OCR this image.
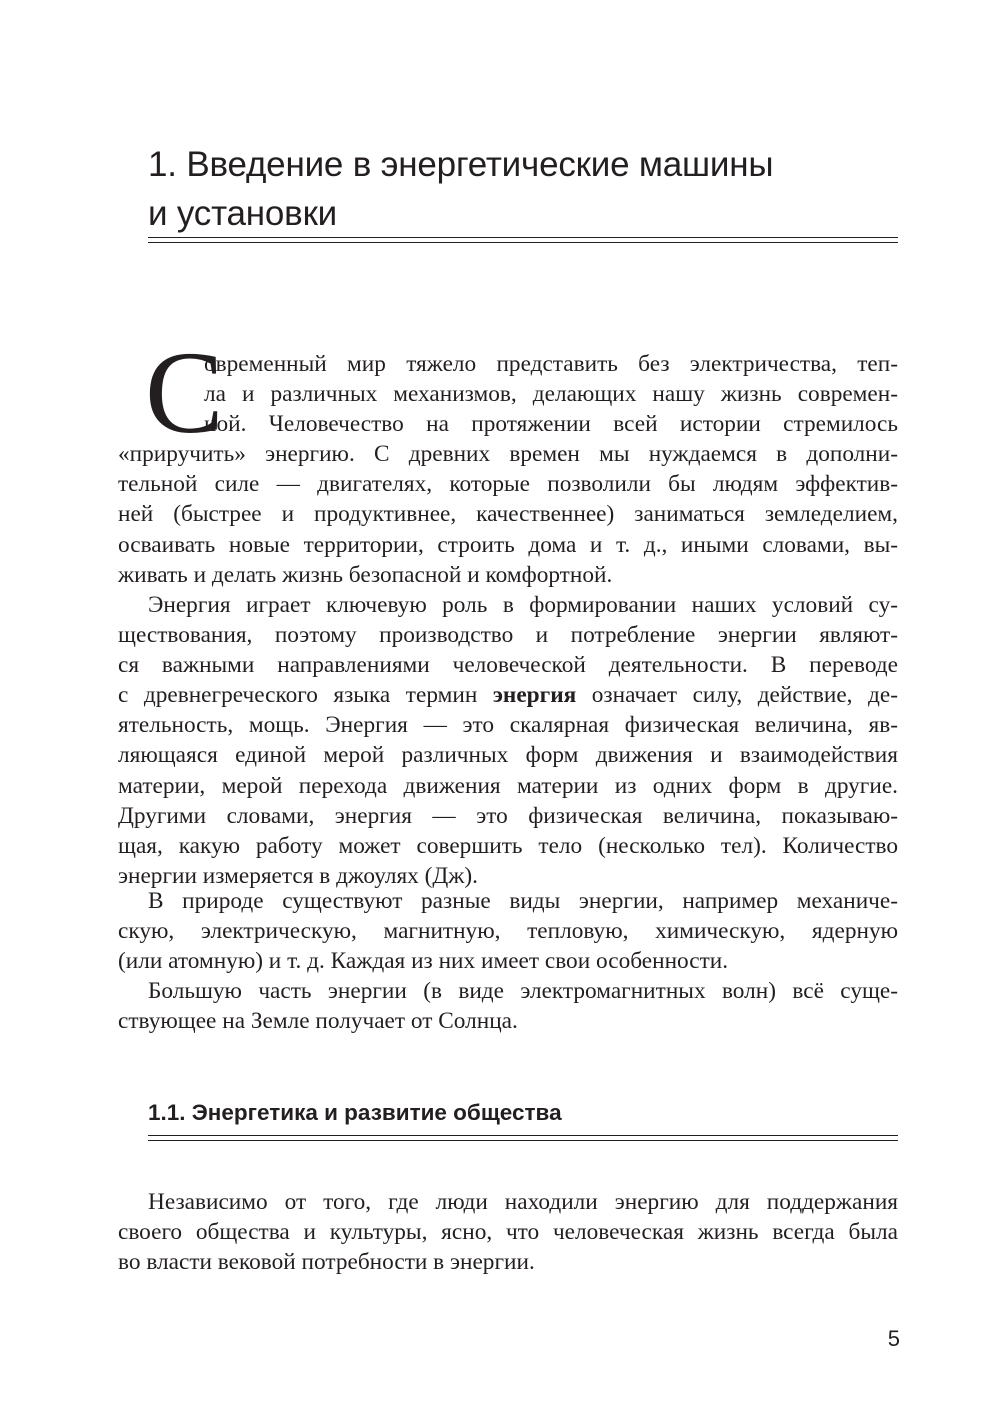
1. Введение в энергетические машины
и установки
С

овременный мир тяжело представить без электричества, теп-
ла и различных механизмов, делающих нашу жизнь современ-
ной. Человечество на протяжении всей истории стремилось
«приручить» энергию. С древних времен мы нуждаемся в дополни-
тельной силе — двигателях, которые позволили бы людям эффектив-
ней (быстрее и продуктивнее, качественнее) заниматься земледелием,
осваивать новые территории, строить дома и т. д., иными словами, вы-
живать и делать жизнь безопасной и комфортной.

Энергия играет ключевую роль в формировании наших условий су-
ществования, поэтому производство и потребление энергии являют-
ся важными направлениями человеческой деятельности. В переводе
с древнегреческого языка термин энергия означает силу, действие, де-
ятельность, мощь. Энергия — это скалярная физическая величина, яв-
ляющаяся единой мерой различных форм движения и взаимодействия
материи, мерой перехода движения материи из одних форм в другие.
Другими словами, энергия — это физическая величина, показываю-
щая, какую работу может совершить тело (несколько тел). Количество
энергии измеряется в джоулях (Дж).

В природе существуют разные виды энергии, например механиче-
скую, электрическую, магнитную, тепловую, химическую, ядерную
(или атомную) и т. д. Каждая из них имеет свои особенности.

Большую часть энергии (в виде электромагнитных волн) всё суще-
ствующее на Земле получает от Солнца.

1.1. Энергетика и развитие общества

Независимо от того, где люди находили энергию для поддержания
своего общества и культуры, ясно, что человеческая жизнь всегда была
во власти вековой потребности в энергии.

5
